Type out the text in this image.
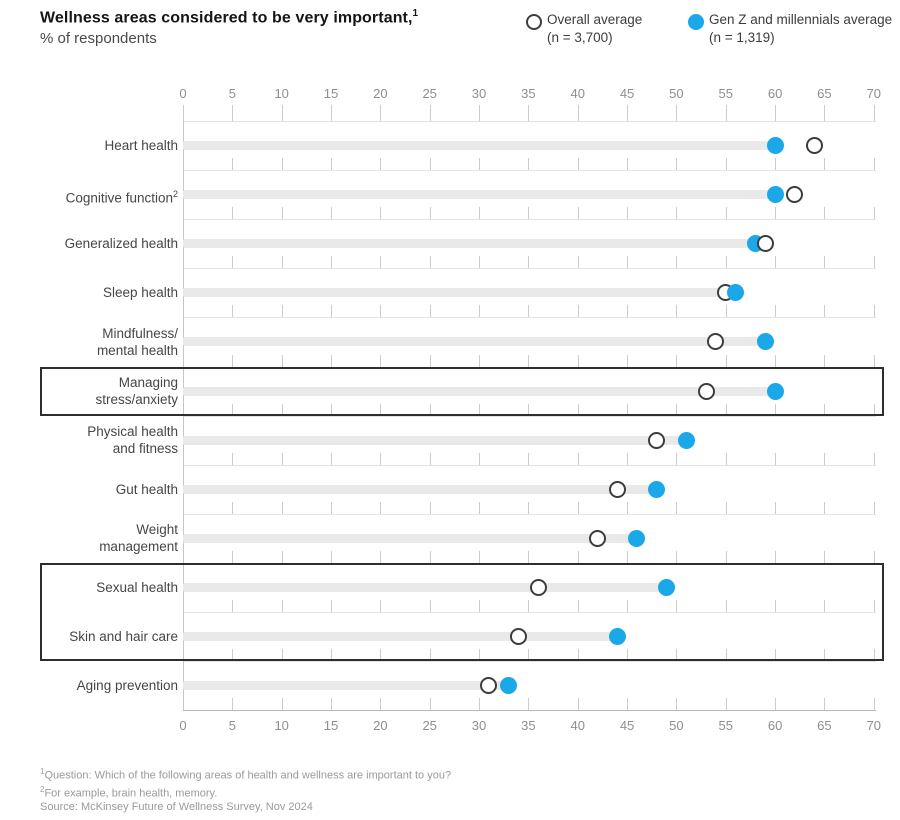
Wellness areas considered to be very important,$^1$
% of respondents
Overall average
(n = 3,700)
Gen Z and millennials average
(n = 1,319)
0
0
5
5
10
10
15
15
20
20
25
25
30
30
35
35
40
40
45
45
50
50
55
55
60
60
65
65
70
70
Heart health
Cognitive function$^2$
Generalized health
Sleep health
Mindfulness/
mental health
Managing
stress/anxiety
Physical health
and fitness
Gut health
Weight
management
Sexual health
Skin and hair care
Aging prevention
$^1$Question: Which of the following areas of health and wellness are important to you?
$^2$For example, brain health, memory.
Source: McKinsey Future of Wellness Survey, Nov 2024
